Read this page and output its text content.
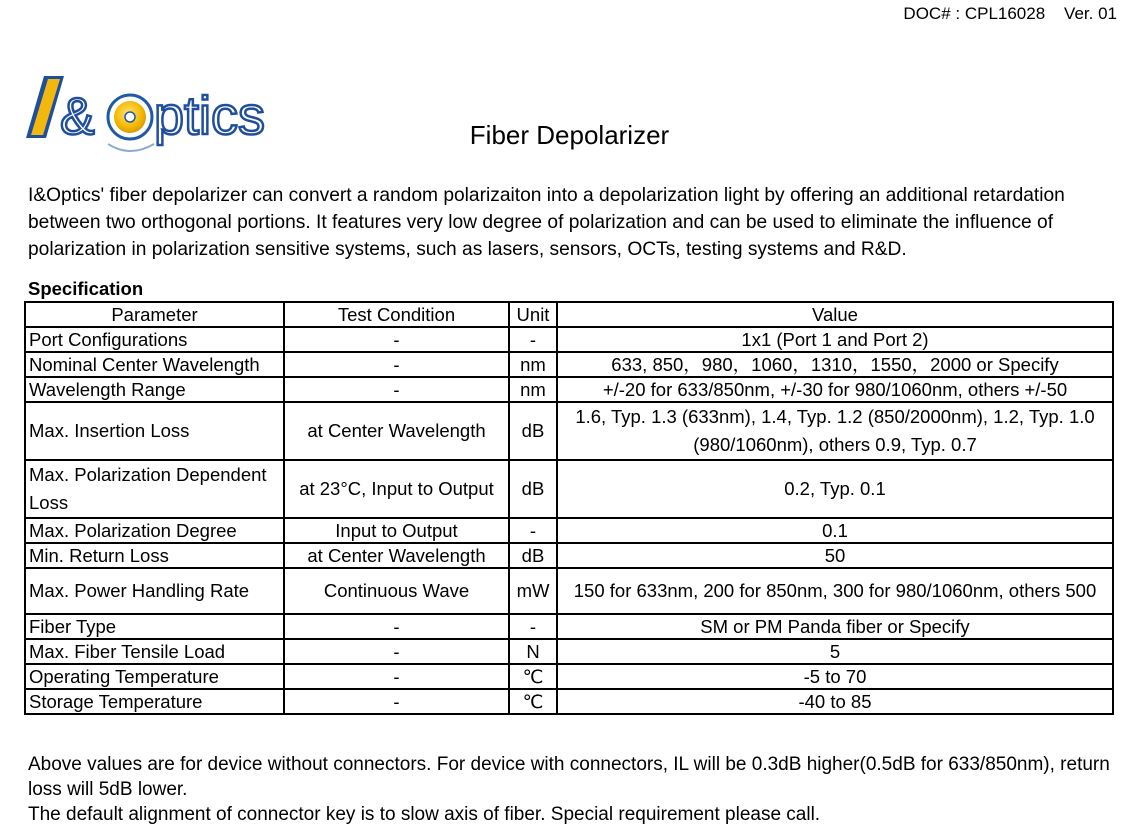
DOC# : CPL16028    Ver. 01
& ptics	Fiber Depolarizer
I&Optics' fiber depolarizer can convert a random polarizaiton into a depolarization light by offering an additional retardation between two orthogonal portions. It features very low degree of polarization and can be used to eliminate the influence of polarization in polarization sensitive systems, such as lasers, sensors, OCTs, testing systems and R&D.
Specification
Parameter	Test Condition	Unit	Value
Port Configurations	-	-	1x1 (Port 1 and Port 2)
Nominal Center Wavelength	-	nm	633, 850，980，1060，1310，1550，2000 or Specify
Wavelength Range	-	nm	+/-20 for 633/850nm, +/-30 for 980/1060nm, others +/-50
Max. Insertion Loss	at Center Wavelength	dB	1.6, Typ. 1.3 (633nm), 1.4, Typ. 1.2 (850/2000nm), 1.2, Typ. 1.0 (980/1060nm), others 0.9, Typ. 0.7
Max. Polarization Dependent Loss	at 23°C, Input to Output	dB	0.2, Typ. 0.1
Max. Polarization Degree	Input to Output	-	0.1
Min. Return Loss	at Center Wavelength	dB	50
Max. Power Handling Rate	Continuous Wave	mW	150 for 633nm, 200 for 850nm, 300 for 980/1060nm, others 500
Fiber Type	-	-	SM or PM Panda fiber or Specify
Max. Fiber Tensile Load	-	N	5
Operating Temperature	-	℃	-5 to 70
Storage Temperature	-	℃	-40 to 85
Above values are for device without connectors. For device with connectors, IL will be 0.3dB higher(0.5dB for 633/850nm), return loss will 5dB lower.
The default alignment of connector key is to slow axis of fiber. Special requirement please call.
